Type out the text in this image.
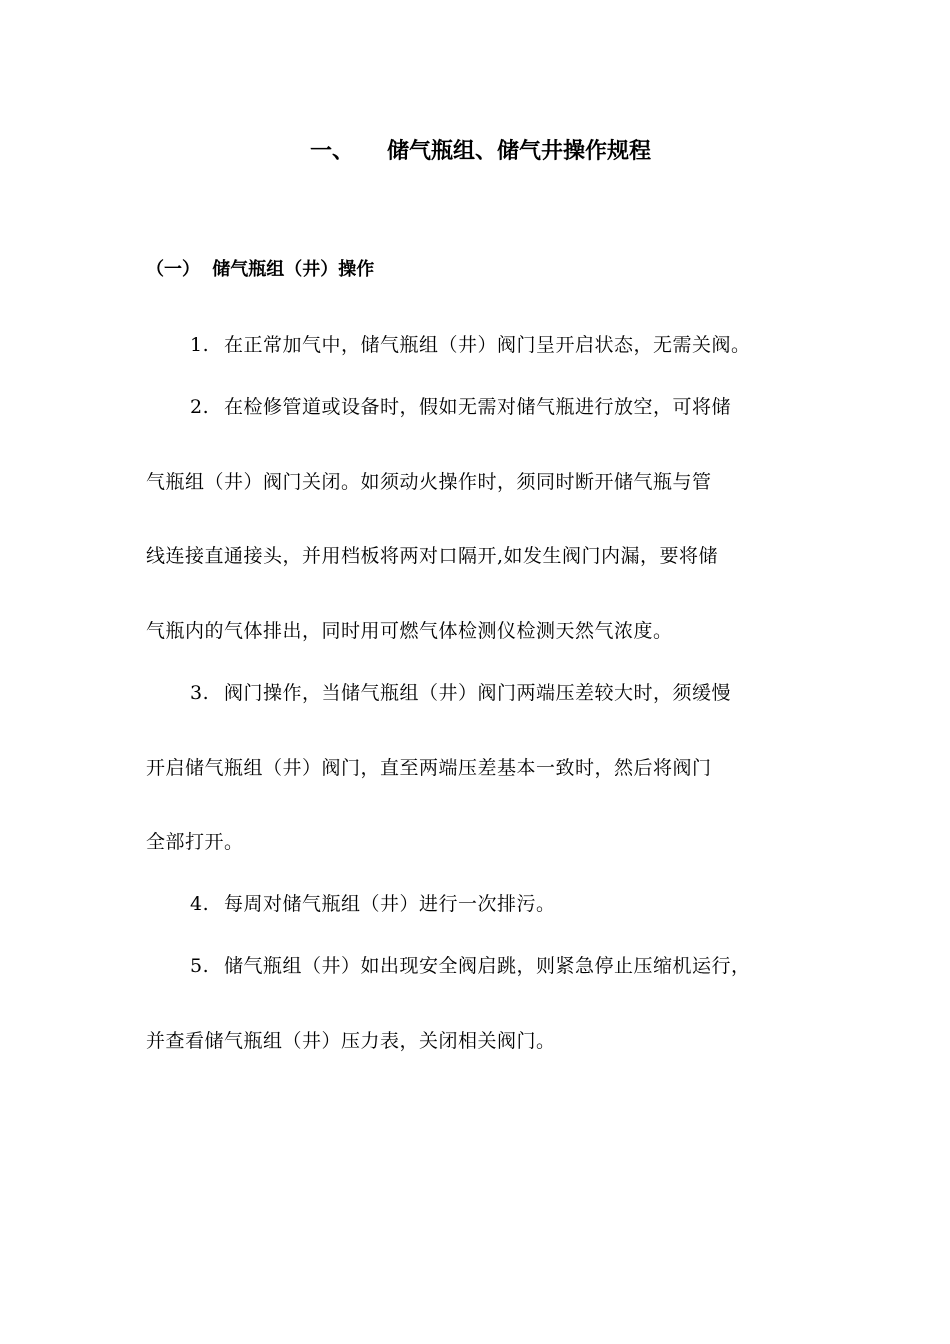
一、 储气瓶组、储气井操作规程
（一） 储气瓶组（井）操作
1. 在正常加气中，储气瓶组（井）阀门呈开启状态，无需关阀。
2. 在检修管道或设备时，假如无需对储气瓶进行放空，可将储
气瓶组（井）阀门关闭。如须动火操作时，须同时断开储气瓶与管
线连接直通接头，并用档板将两对口隔开,如发生阀门内漏，要将储
气瓶内的气体排出，同时用可燃气体检测仪检测天然气浓度。
3. 阀门操作，当储气瓶组（井）阀门两端压差较大时，须缓慢
开启储气瓶组（井）阀门，直至两端压差基本一致时，然后将阀门
全部打开。
4. 每周对储气瓶组（井）进行一次排污。
5. 储气瓶组（井）如出现安全阀启跳，则紧急停止压缩机运行，
并查看储气瓶组（井）压力表，关闭相关阀门。
